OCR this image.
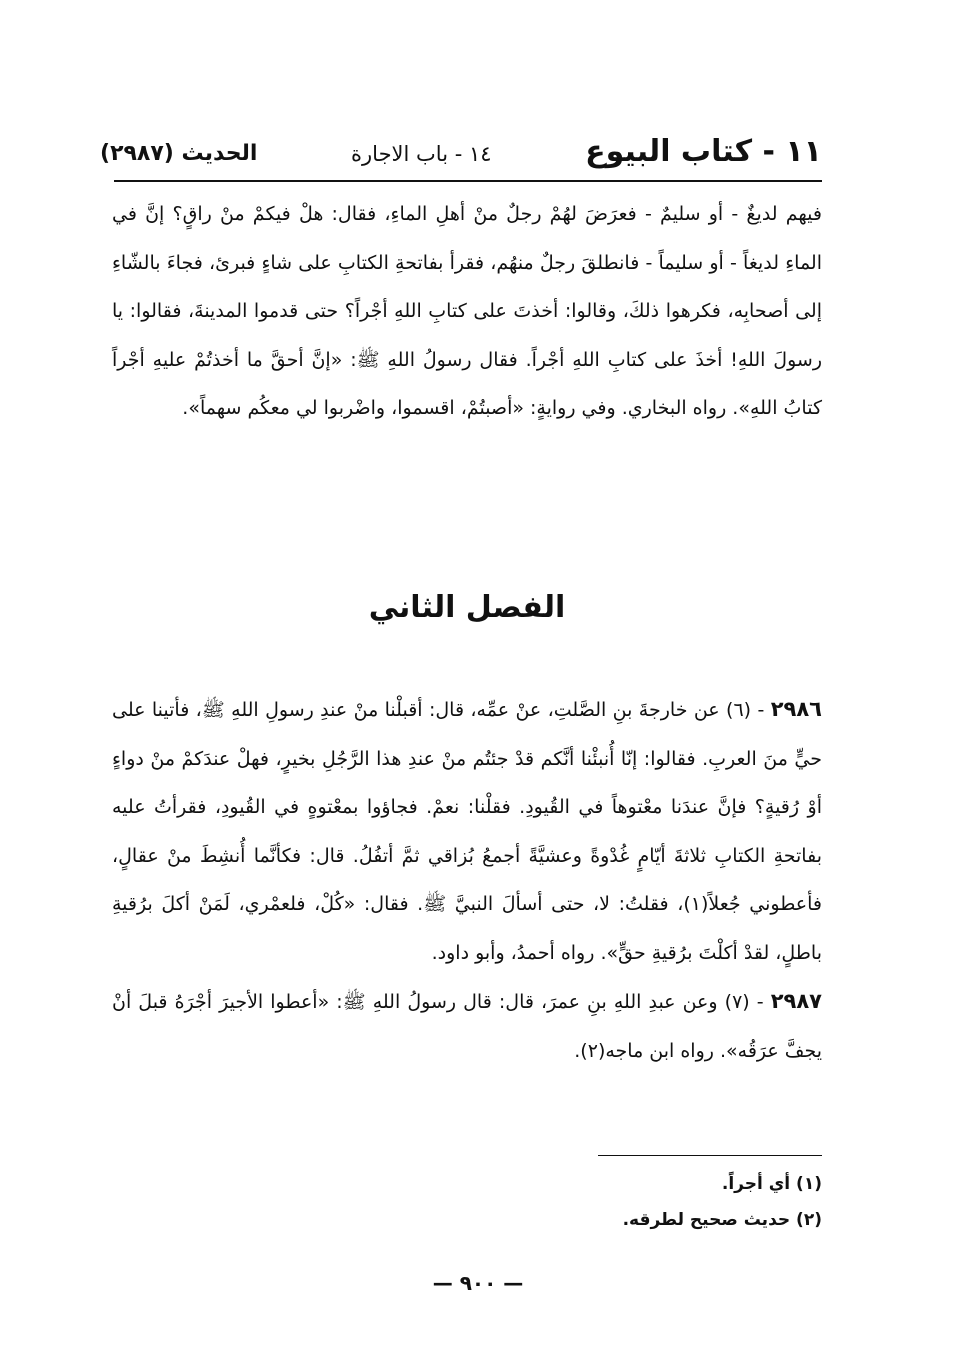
١١ - كتاب البيوع
١٤ - باب الاجارة
الحديث (٢٩٨٧)

فيهم لديغٌ - أو سليمٌ - فعرَضَ لهُمْ رجلٌ منْ أهلِ الماءِ، فقال: هلْ فيكمْ منْ راقٍ؟ إنَّ في الماءِ لديغاً - أو سليماً - فانطلقَ رجلٌ منهُم، فقرأ بفاتحةِ الكتابِ على شاءٍ فبرئ، فجاءَ بالشّاءِ إلى أصحابِه، فكرهوا ذلكَ، وقالوا: أخذتَ على كتابِ اللهِ أجْراً؟ حتى قدموا المدينةَ، فقالوا: يا رسولَ اللهِ! أخذَ على كتابِ اللهِ أجْراً. فقال رسولُ اللهِ ﷺ: «إنَّ أحقَّ ما أخذتُمْ عليهِ أجْراً كتابُ اللهِ». رواه البخاري. وفي روايةٍ: «أصبتُمْ، اقسموا، واضْربوا لي معكُم سهماً».

الفصل الثاني

٢٩٨٦ - (٦) عن خارجةَ بنِ الصَّلتِ، عنْ عمِّه، قال: أقبلْنا منْ عندِ رسولِ اللهِ ﷺ، فأتينا على حيٍّ منَ العربِ. فقالوا: إنّا أُنبئْنا أنَّكم قدْ جئتُم منْ عندِ هذا الرَّجُلِ بخيرٍ، فهلْ عندَكمْ منْ دواءٍ أوْ رُقيةٍ؟ فإنَّ عندَنا معْتوهاً في القُيودِ. فقلْنا: نعمْ. فجاؤوا بمعْتوهٍ في القُيودِ، فقرأتُ عليه بفاتحةِ الكتابِ ثلاثةَ أيّامٍ غُدْوةً وعشيَّةً أجمعُ بُزاقي ثمَّ أتفُلُ. قال: فكأنَّما أُنشِطَ منْ عقالٍ، فأعطوني جُعلاً(١)، فقلتُ: لا، حتى أسألَ النبيَّ ﷺ. فقال: «كُلْ، فلعمْري، لَمَنْ أكلَ برُقيةِ باطلٍ، لقدْ أكلْتَ برُقيةِ حقٍّ». رواه أحمدُ، وأبو داود.

٢٩٨٧ - (٧) وعن عبدِ اللهِ بنِ عمرَ، قال: قال رسولُ اللهِ ﷺ: «أعطوا الأجيرَ أجْرَهُ قبلَ أنْ يجفَّ عرَقُه». رواه ابن ماجه(٢).

(١) أي أجراً.
(٢) حديث صحيح لطرقه.
— ٩٠٠ —
